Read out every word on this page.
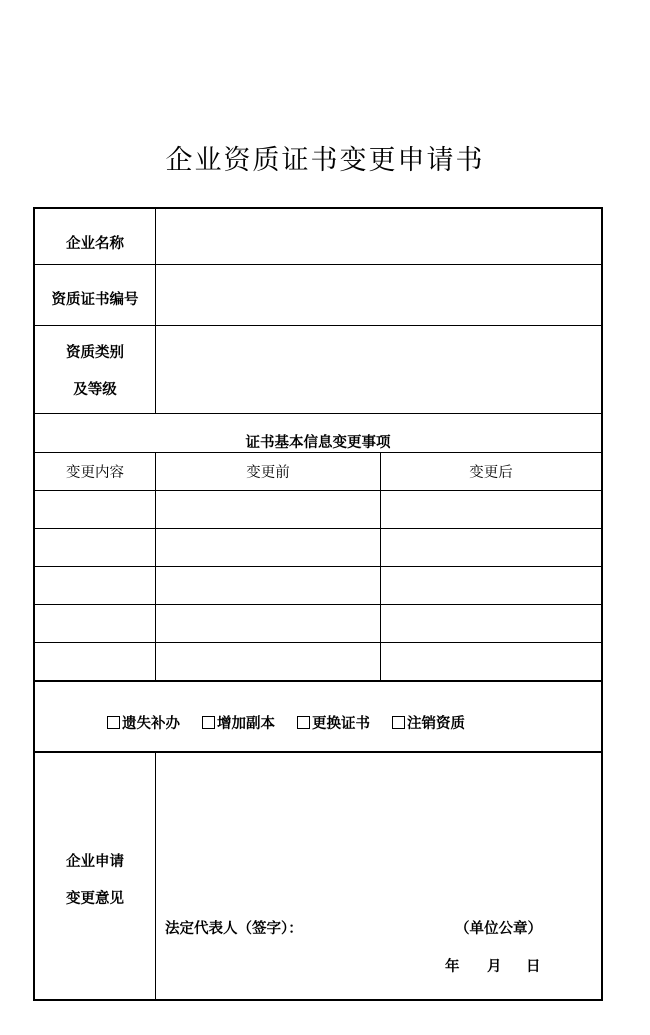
企业资质证书变更申请书
企业名称
资质证书编号
资质类别
及等级
证书基本信息变更事项
变更内容	变更前	变更后
遗失补办	增加副本	更换证书	注销资质
企业申请
变更意见
法定代表人（签字）：	（单位公章）
年 月 日
